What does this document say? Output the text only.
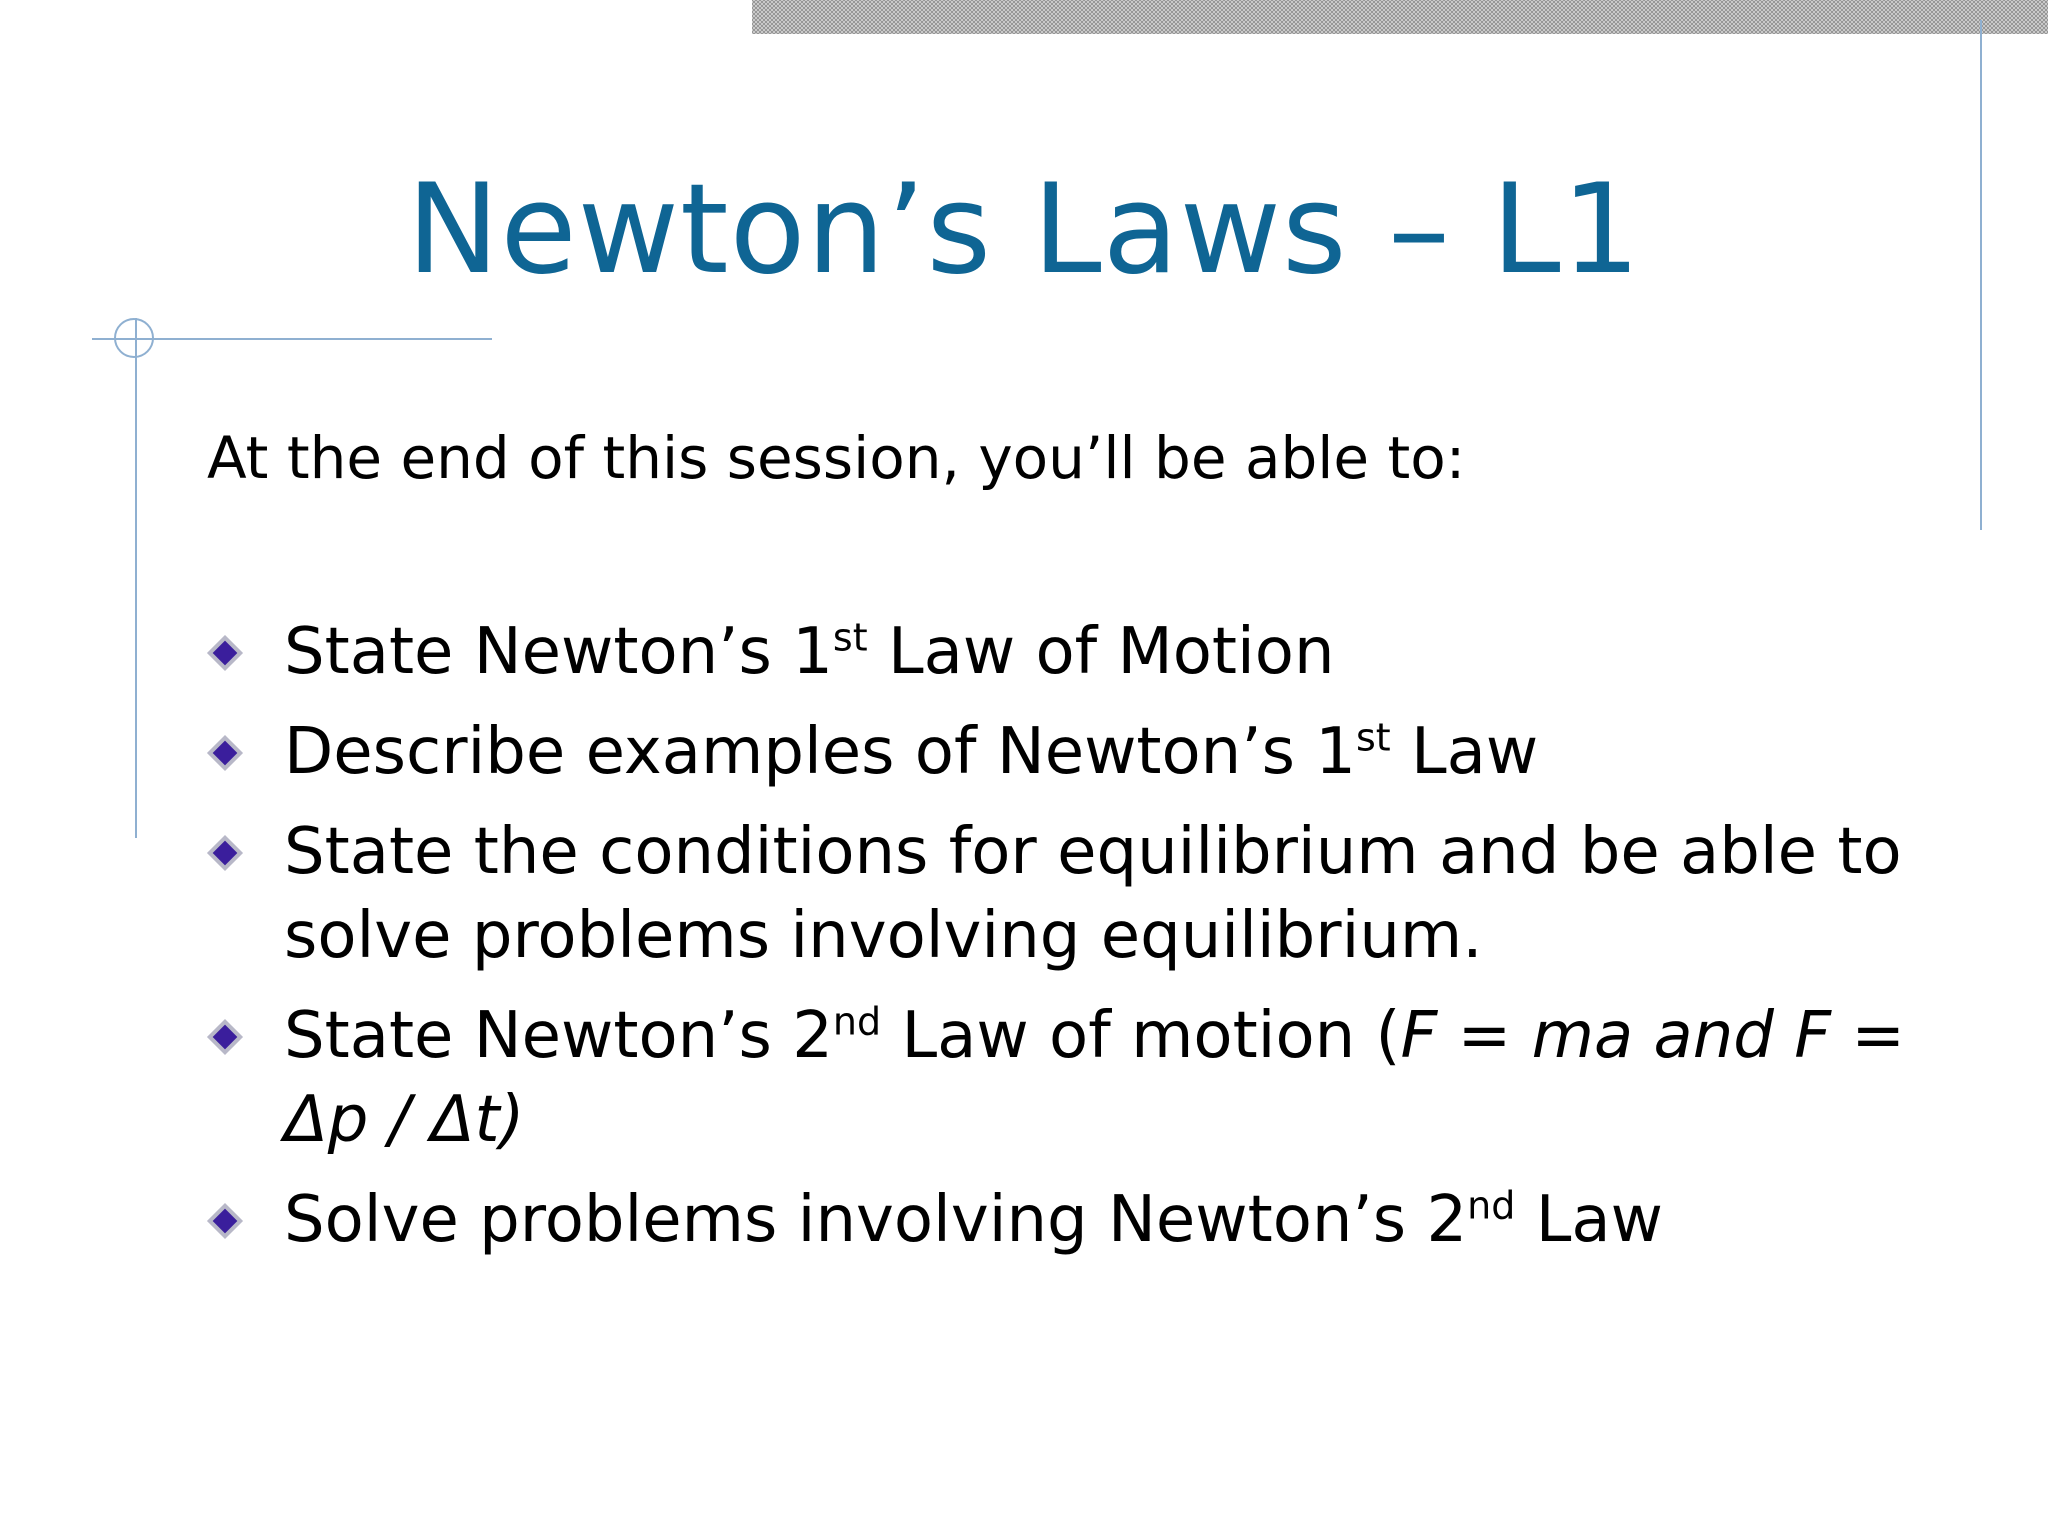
Newton’s Laws – L1
At the end of this session, you’ll be able to:
State Newton’s 1st Law of Motion
Describe examples of Newton’s 1st Law
State the conditions for equilibrium and be able to solve problems involving equilibrium.
State Newton’s 2nd Law of motion (F = ma and F = Δp / Δt)
Solve problems involving Newton’s 2nd Law
